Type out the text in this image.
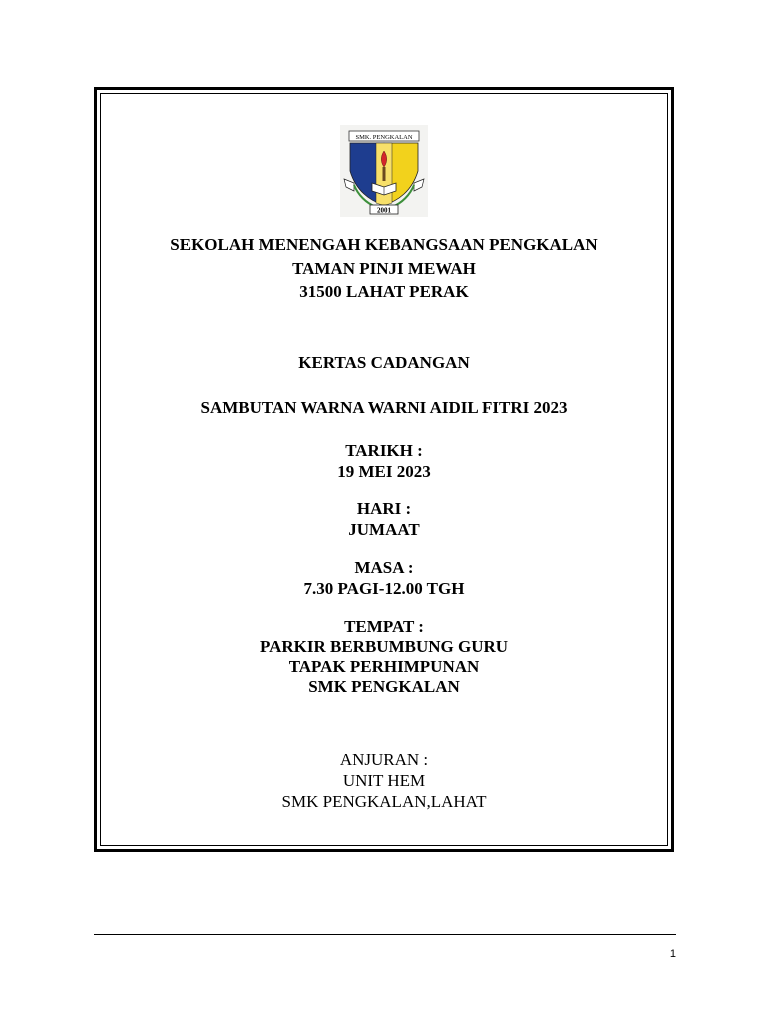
SMK. PENGKALAN
2001
SEKOLAH MENENGAH KEBANGSAAN PENGKALAN
TAMAN PINJI MEWAH
31500 LAHAT PERAK
KERTAS CADANGAN
SAMBUTAN WARNA WARNI AIDIL FITRI 2023
TARIKH :
19 MEI 2023
HARI :
JUMAAT
MASA :
7.30 PAGI-12.00 TGH
TEMPAT :
PARKIR BERBUMBUNG GURU
TAPAK PERHIMPUNAN
SMK PENGKALAN
ANJURAN :
UNIT HEM
SMK PENGKALAN,LAHAT
1
